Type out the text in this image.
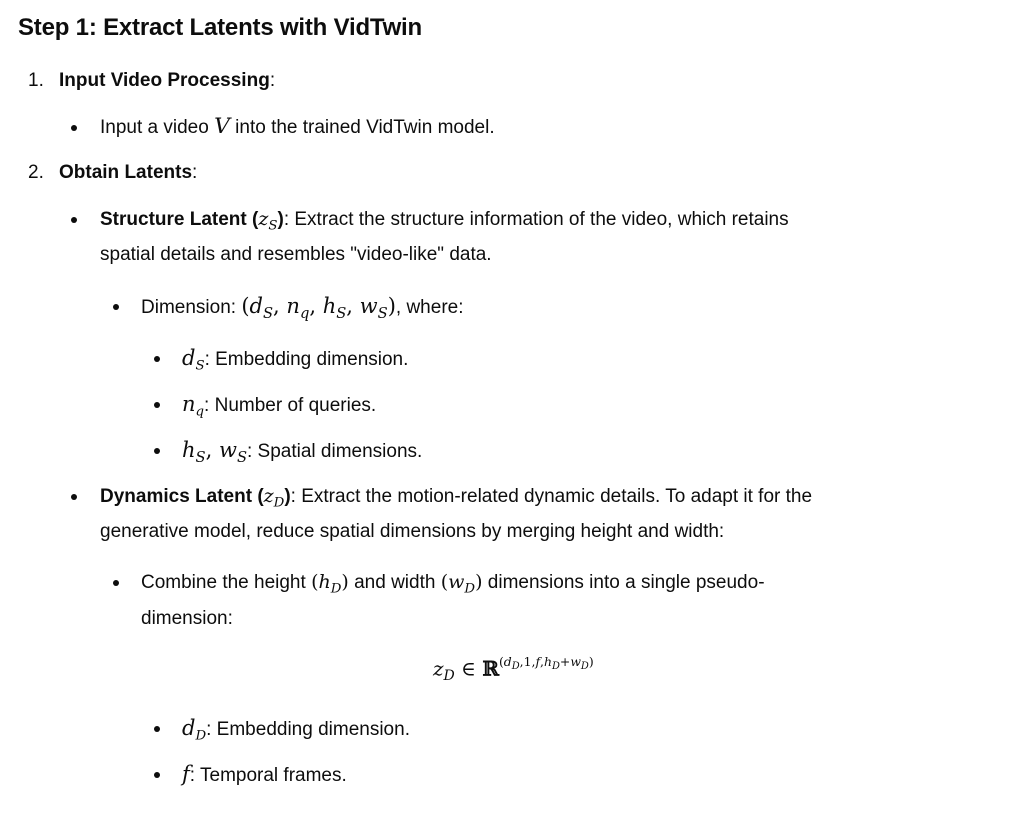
Step 1: Extract Latents with VidTwin
1. Input Video Processing:
Input a video V into the trained VidTwin model.
2. Obtain Latents:
Structure Latent $(z_S)$: Extract the structure information of the video, which retains
spatial details and resembles "video-like" data.
Dimension: ($d_S$, $n_q$, $h_S$, $w_S$), where:
$d_S$: Embedding dimension.
$n_q$: Number of queries.
$h_S$, $w_S$: Spatial dimensions.
Dynamics Latent $(z_D)$: Extract the motion-related dynamic details. To adapt it for the
generative model, reduce spatial dimensions by merging height and width:
Combine the height $(h_D)$ and width $(w_D)$ dimensions into a single pseudo-
dimension:
$z_D$ ∈ ℝ$^{(d_D,1,f,h_D+w_D)}$
$d_D$: Embedding dimension.
f: Temporal frames.
